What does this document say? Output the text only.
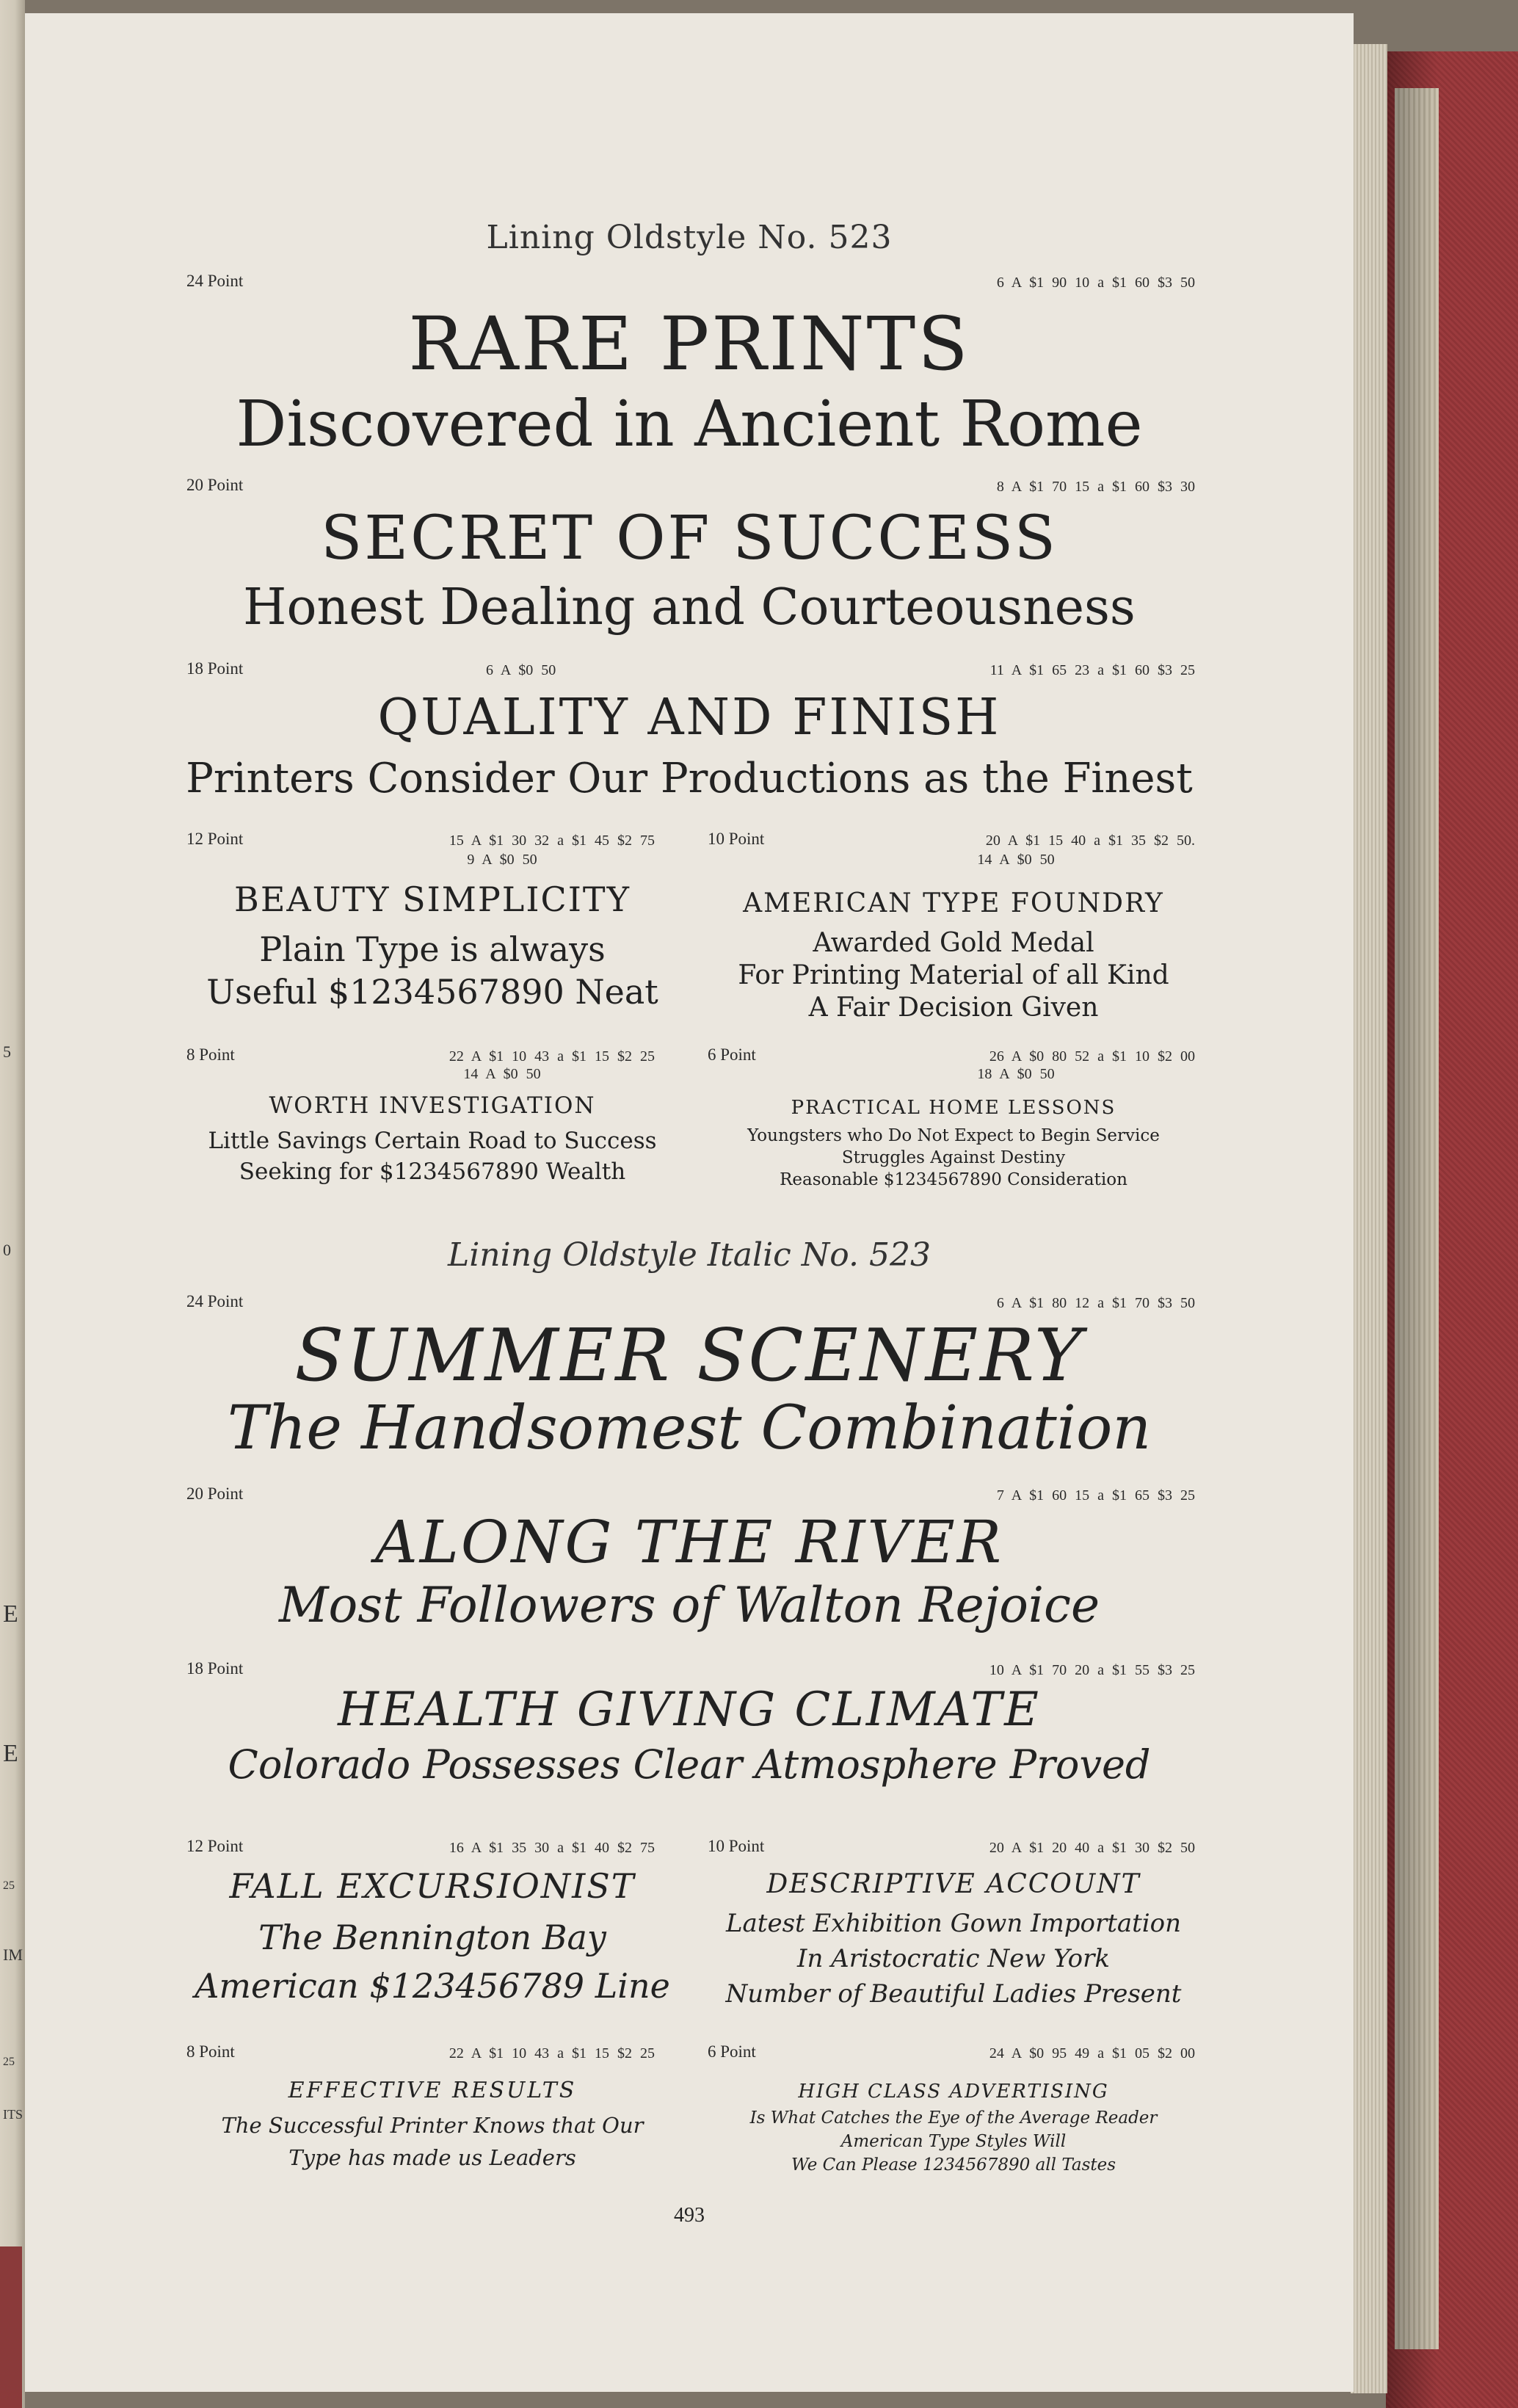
5
0
E
E
25
IM
25
ITS
Lining Oldstyle No. 523
24 Point	6 A $1 90 10 a $1 60 $3 50
RARE PRINTS
Discovered in Ancient Rome
20 Point	8 A $1 70 15 a $1 60 $3 30
SECRET OF SUCCESS
Honest Dealing and Courteousness
18 Point	6 A $0 50	11 A $1 65 23 a $1 60 $3 25
QUALITY AND FINISH
Printers Consider Our Productions as the Finest
12 Point	15 A $1 30 32 a $1 45 $2 75
9 A $0 50
BEAUTY SIMPLICITY
Plain Type is always
Useful $1234567890 Neat
10 Point	20 A $1 15 40 a $1 35 $2 50.
14 A $0 50
AMERICAN TYPE FOUNDRY
Awarded Gold Medal
For Printing Material of all Kind
A Fair Decision Given
8 Point	22 A $1 10 43 a $1 15 $2 25
14 A $0 50
WORTH INVESTIGATION
Little Savings Certain Road to Success
Seeking for $1234567890 Wealth
6 Point	26 A $0 80 52 a $1 10 $2 00
18 A $0 50
PRACTICAL HOME LESSONS
Youngsters who Do Not Expect to Begin Service
Struggles Against Destiny
Reasonable $1234567890 Consideration
Lining Oldstyle Italic No. 523
24 Point	6 A $1 80 12 a $1 70 $3 50
SUMMER SCENERY
The Handsomest Combination
20 Point	7 A $1 60 15 a $1 65 $3 25
ALONG THE RIVER
Most Followers of Walton Rejoice
18 Point	10 A $1 70 20 a $1 55 $3 25
HEALTH GIVING CLIMATE
Colorado Possesses Clear Atmosphere Proved
12 Point	16 A $1 35 30 a $1 40 $2 75
FALL EXCURSIONIST
The Bennington Bay
American $123456789 Line
10 Point	20 A $1 20 40 a $1 30 $2 50
DESCRIPTIVE ACCOUNT
Latest Exhibition Gown Importation
In Aristocratic New York
Number of Beautiful Ladies Present
8 Point	22 A $1 10 43 a $1 15 $2 25
EFFECTIVE RESULTS
The Successful Printer Knows that Our
Type has made us Leaders
6 Point	24 A $0 95 49 a $1 05 $2 00
HIGH CLASS ADVERTISING
Is What Catches the Eye of the Average Reader
American Type Styles Will
We Can Please 1234567890 all Tastes
493
